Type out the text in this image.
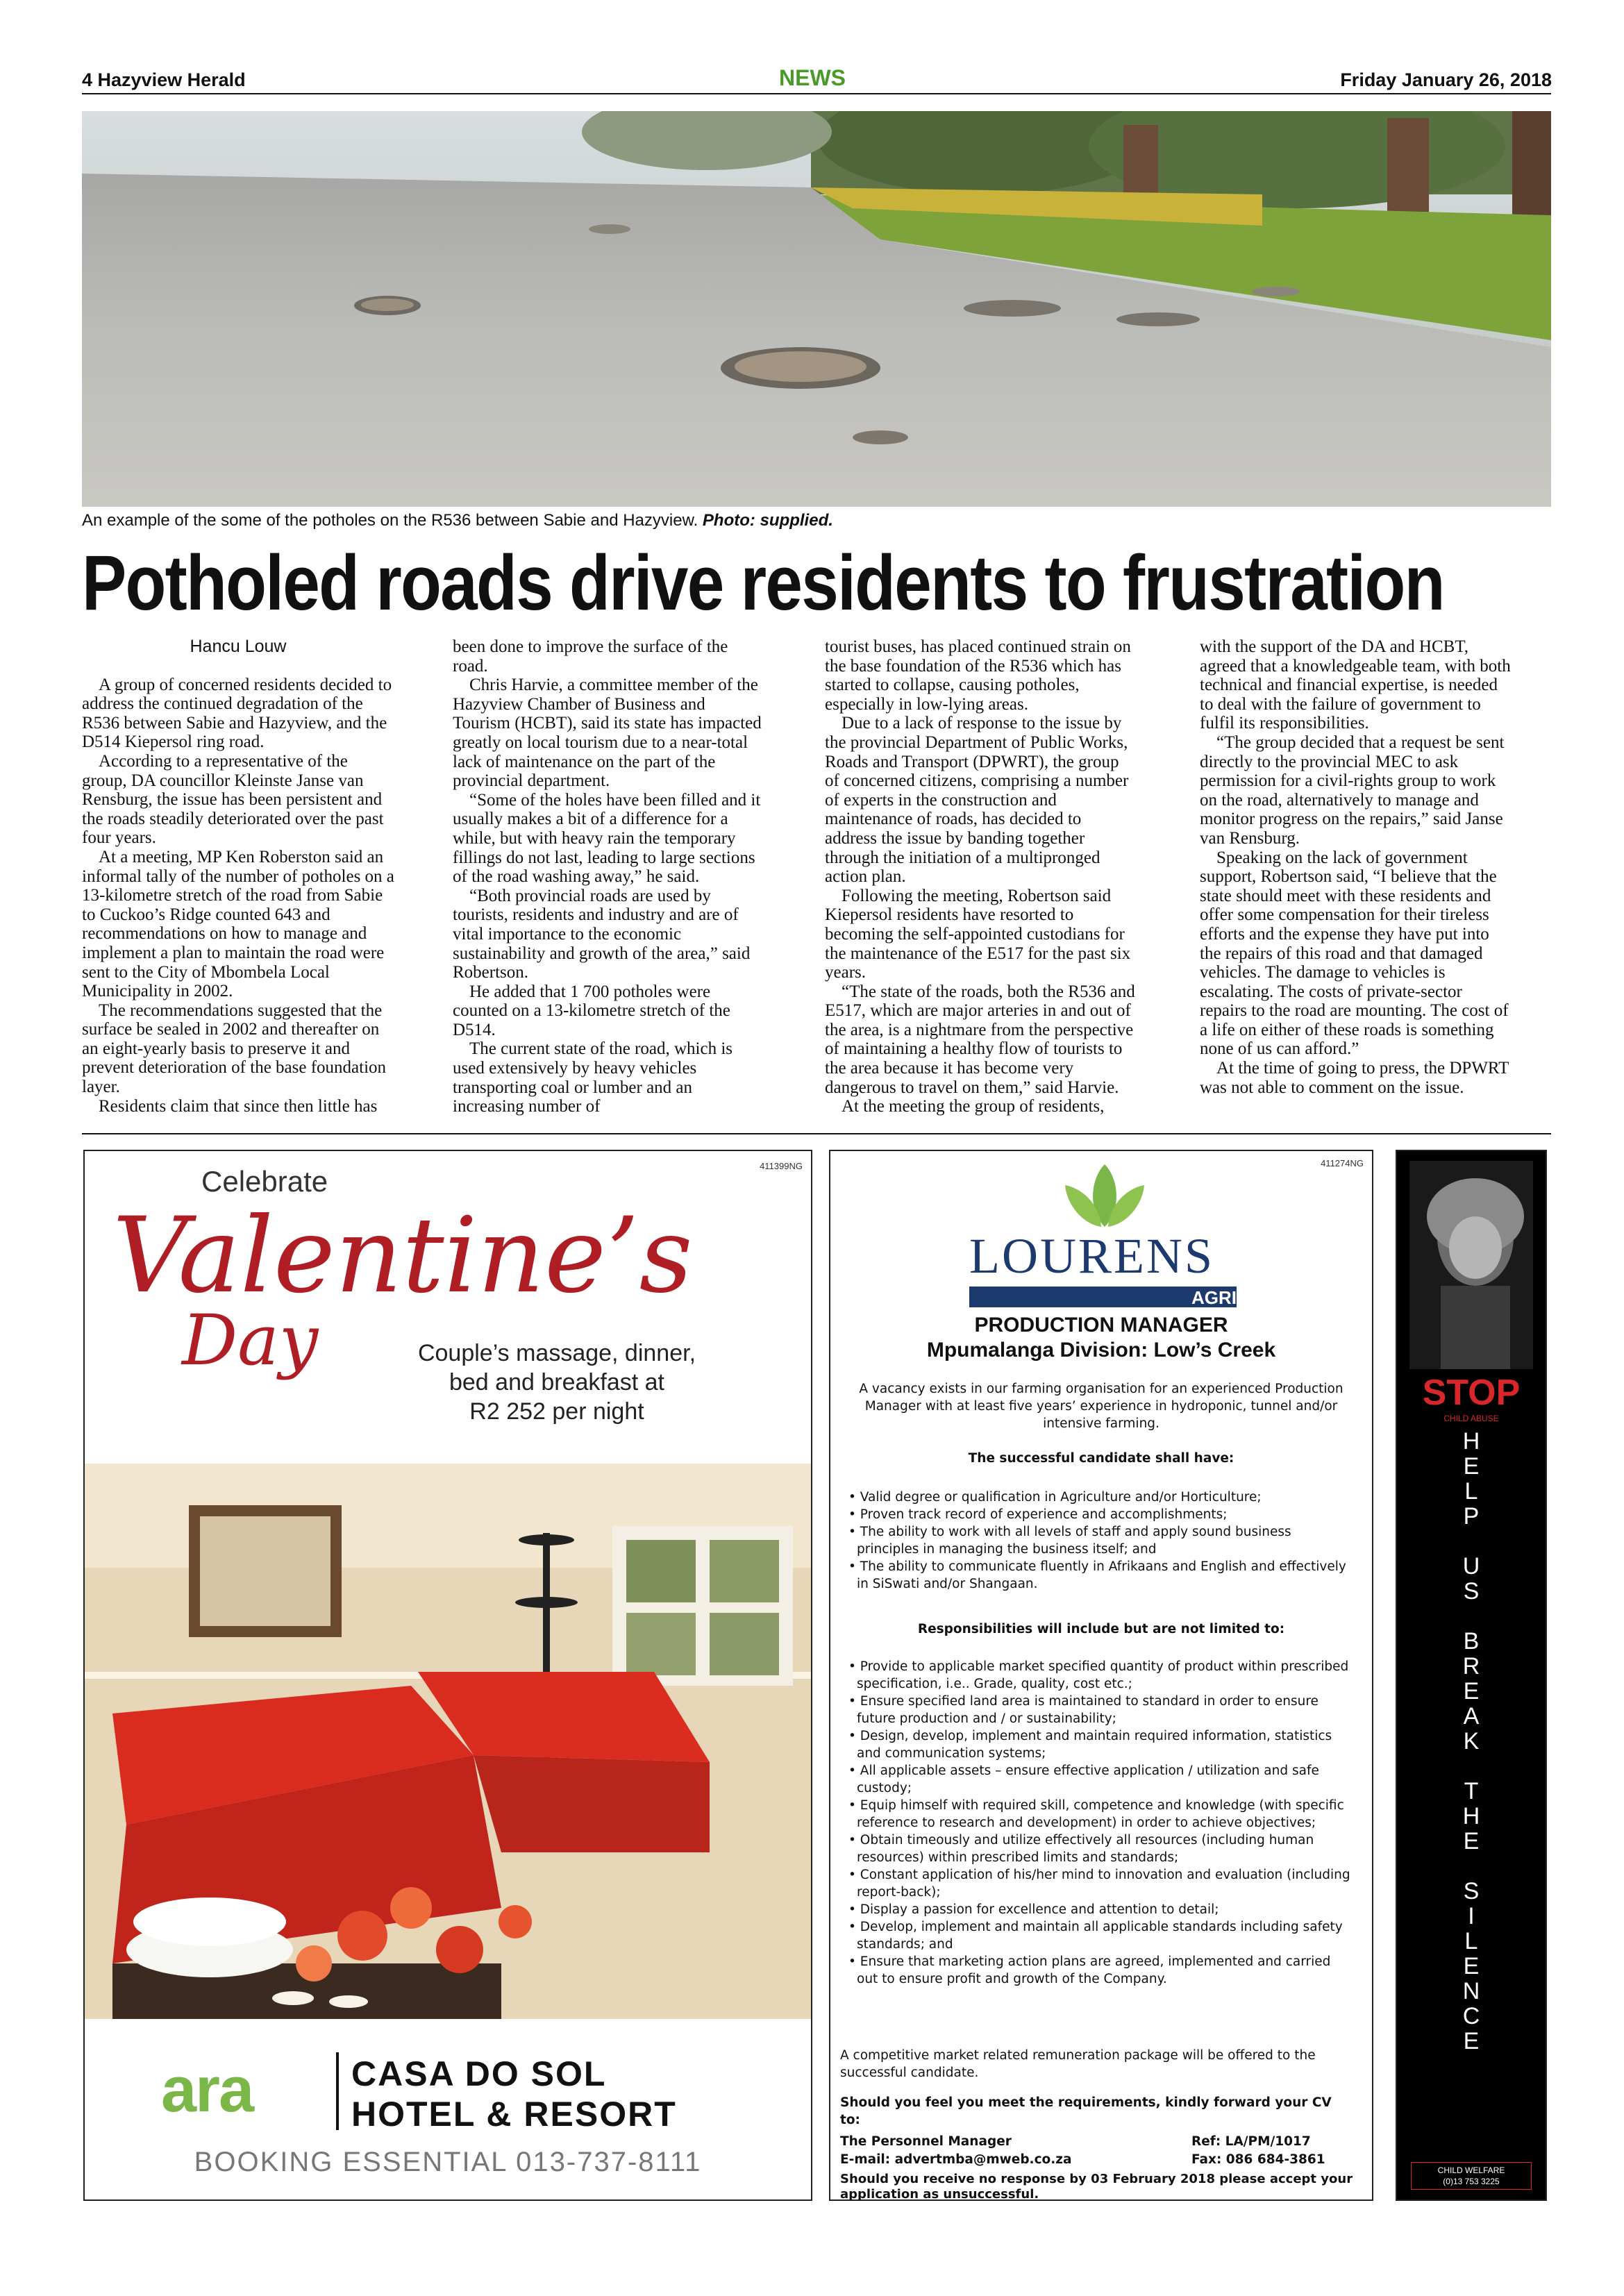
4 Hazyview Herald	NEWS	Friday January 26, 2018
An example of the some of the potholes on the R536 between Sabie and Hazyview. Photo: supplied.
Potholed roads drive residents to frustration

Hancu Louw

A group of concerned residents decided to address the continued degradation of the R536 between Sabie and Hazyview, and the D514 Kiepersol ring road.

According to a representative of the group, DA councillor Kleinste Janse van Rensburg, the issue has been persistent and the roads steadily deteriorated over the past four years.

At a meeting, MP Ken Roberston said an informal tally of the number of potholes on a 13-kilometre stretch of the road from Sabie to Cuckoo’s Ridge counted 643 and recommendations on how to manage and implement a plan to maintain the road were sent to the City of Mbombela Local Municipality in 2002.

The recommendations suggested that the surface be sealed in 2002 and thereafter on an eight-yearly basis to preserve it and prevent deterioration of the base foundation layer.

Residents claim that since then little has

been done to improve the surface of the road.

Chris Harvie, a committee member of the Hazyview Chamber of Business and Tourism (HCBT), said its state has impacted greatly on local tourism due to a near-total lack of maintenance on the part of the provincial department.

“Some of the holes have been filled and it usually makes a bit of a difference for a while, but with heavy rain the temporary fillings do not last, leading to large sections of the road washing away,” he said.

“Both provincial roads are used by tourists, residents and industry and are of vital importance to the economic sustainability and growth of the area,” said Robertson.

He added that 1 700 potholes were counted on a 13-kilometre stretch of the D514.

The current state of the road, which is used extensively by heavy vehicles transporting coal or lumber and an increasing number of

tourist buses, has placed continued strain on the base foundation of the R536 which has started to collapse, causing potholes, especially in low-lying areas.

Due to a lack of response to the issue by the provincial Department of Public Works, Roads and Transport (DPWRT), the group of concerned citizens, comprising a number of experts in the construction and maintenance of roads, has decided to address the issue by banding together through the initiation of a multipronged action plan.

Following the meeting, Robertson said Kiepersol residents have resorted to becoming the self-appointed custodians for the maintenance of the E517 for the past six years.

“The state of the roads, both the R536 and E517, which are major arteries in and out of the area, is a nightmare from the perspective of maintaining a healthy flow of tourists to the area because it has become very dangerous to travel on them,” said Harvie.

At the meeting the group of residents,

with the support of the DA and HCBT, agreed that a knowledgeable team, with both technical and financial expertise, is needed to deal with the failure of government to fulfil its responsibilities.

“The group decided that a request be sent directly to the provincial MEC to ask permission for a civil-rights group to work on the road, alternatively to manage and monitor progress on the repairs,” said Janse van Rensburg.

Speaking on the lack of government support, Robertson said, “I believe that the state should meet with these residents and offer some compensation for their tireless efforts and the expense they have put into the repairs of this road and that damaged vehicles. The damage to vehicles is escalating. The costs of private-sector repairs to the road are mounting. The cost of a life on either of these roads is something none of us can afford.”

At the time of going to press, the DPWRT was not able to comment on the issue.

411399NG
Celebrate
Valentine’s
Day	Couple’s massage, dinner,
bed and breakfast at
R2 252 per night
ara	CASA DO SOL
HOTEL & RESORT
BOOKING ESSENTIAL 013-737-8111
411274NG
LOURENS
AGRI
PRODUCTION MANAGER
Mpumalanga Division: Low’s Creek
A vacancy exists in our farming organisation for an experienced Production Manager with at least five years’ experience in hydroponic, tunnel and/or intensive farming.
The successful candidate shall have:
• Valid degree or qualification in Agriculture and/or Horticulture;
• Proven track record of experience and accomplishments;
• The ability to work with all levels of staff and apply sound business principles in managing the business itself; and
• The ability to communicate fluently in Afrikaans and English and effectively in SiSwati and/or Shangaan.
Responsibilities will include but are not limited to:
• Provide to applicable market specified quantity of product within prescribed specification, i.e.. Grade, quality, cost etc.;
• Ensure specified land area is maintained to standard in order to ensure future production and / or sustainability;
• Design, develop, implement and maintain required information, statistics and communication systems;
• All applicable assets – ensure effective application / utilization and safe custody;
• Equip himself with required skill, competence and knowledge (with specific reference to research and development) in order to achieve objectives;
• Obtain timeously and utilize effectively all resources (including human resources) within prescribed limits and standards;
• Constant application of his/her mind to innovation and evaluation (including report-back);
• Display a passion for excellence and attention to detail;
• Develop, implement and maintain all applicable standards including safety standards; and
• Ensure that marketing action plans are agreed, implemented and carried out to ensure profit and growth of the Company.
A competitive market related remuneration package will be offered to the successful candidate.
Should you feel you meet the requirements, kindly forward your CV to:
The Personnel Manager
E-mail: advertmba@mweb.co.za
Ref: LA/PM/1017
Fax: 086 684-3861
Should you receive no response by 03 February 2018 please accept your application as unsuccessful.
STOP
CHILD ABUSE
H
E
L
P
U
S
B
R
E
A
K
T
H
E
S
I
L
E
N
C
E
CHILD WELFARE
(0)13 753 3225
